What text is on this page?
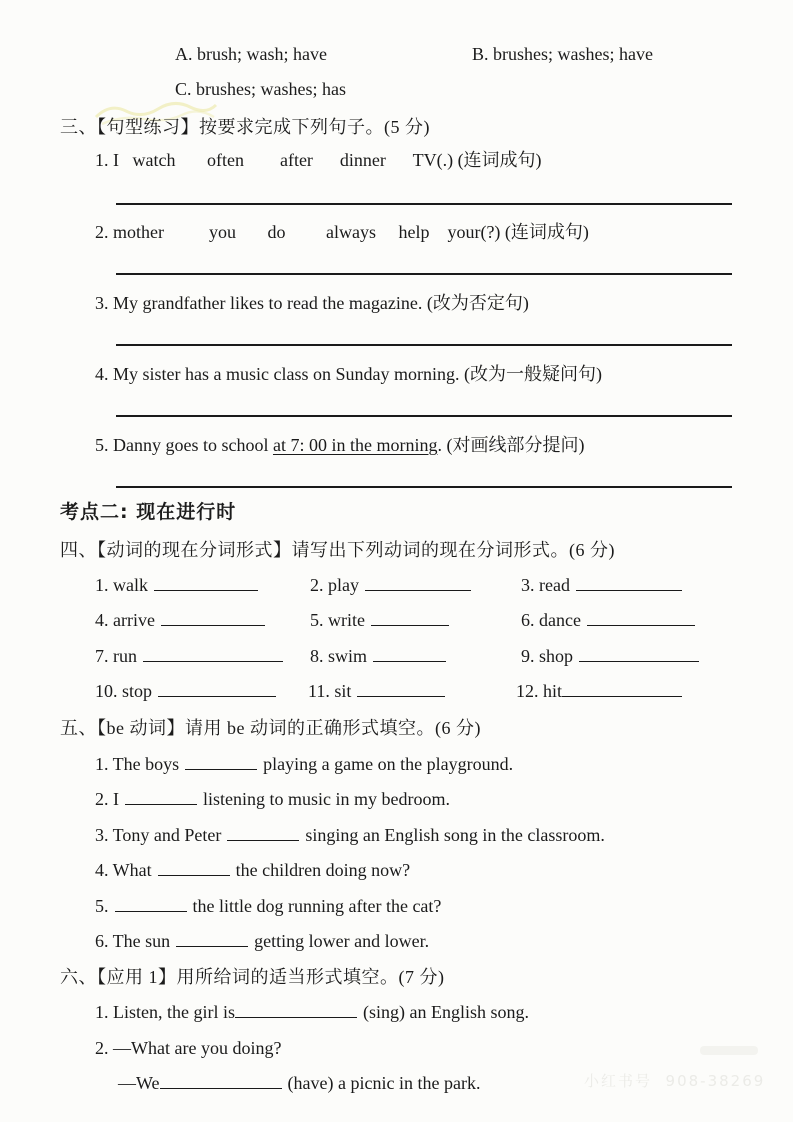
A. brush; wash; have	B. brushes; washes; have
C. brushes; washes; has
三、【句型练习】按要求完成下列句子。(5 分)
1. I   watch       often        after      dinner      TV(.) (连词成句)
2. mother          you       do         always     help    your(?) (连词成句)
3. My grandfather likes to read the magazine. (改为否定句)
4. My sister has a music class on Sunday morning. (改为一般疑问句)
5. Danny goes to school at 7: 00 in the morning. (对画线部分提问)
考点二: 现在进行时
四、【动词的现在分词形式】请写出下列动词的现在分词形式。(6 分)
1. walk	2. play	3. read
4. arrive	5. write	6. dance
7. run	8. swim	9. shop
10. stop	11. sit	12. hit
五、【be 动词】请用 be 动词的正确形式填空。(6 分)
1. The boys	playing a game on the playground.
2. I	listening to music in my bedroom.
3. Tony and Peter	singing an English song in the classroom.
4. What	the children doing now?
5.	the little dog running after the cat?
6. The sun	getting lower and lower.
六、【应用 1】用所给词的适当形式填空。(7 分)
1. Listen, the girl is	(sing) an English song.
2. —What are you doing?
—We	(have) a picnic in the park.	小红书号  908-38269
